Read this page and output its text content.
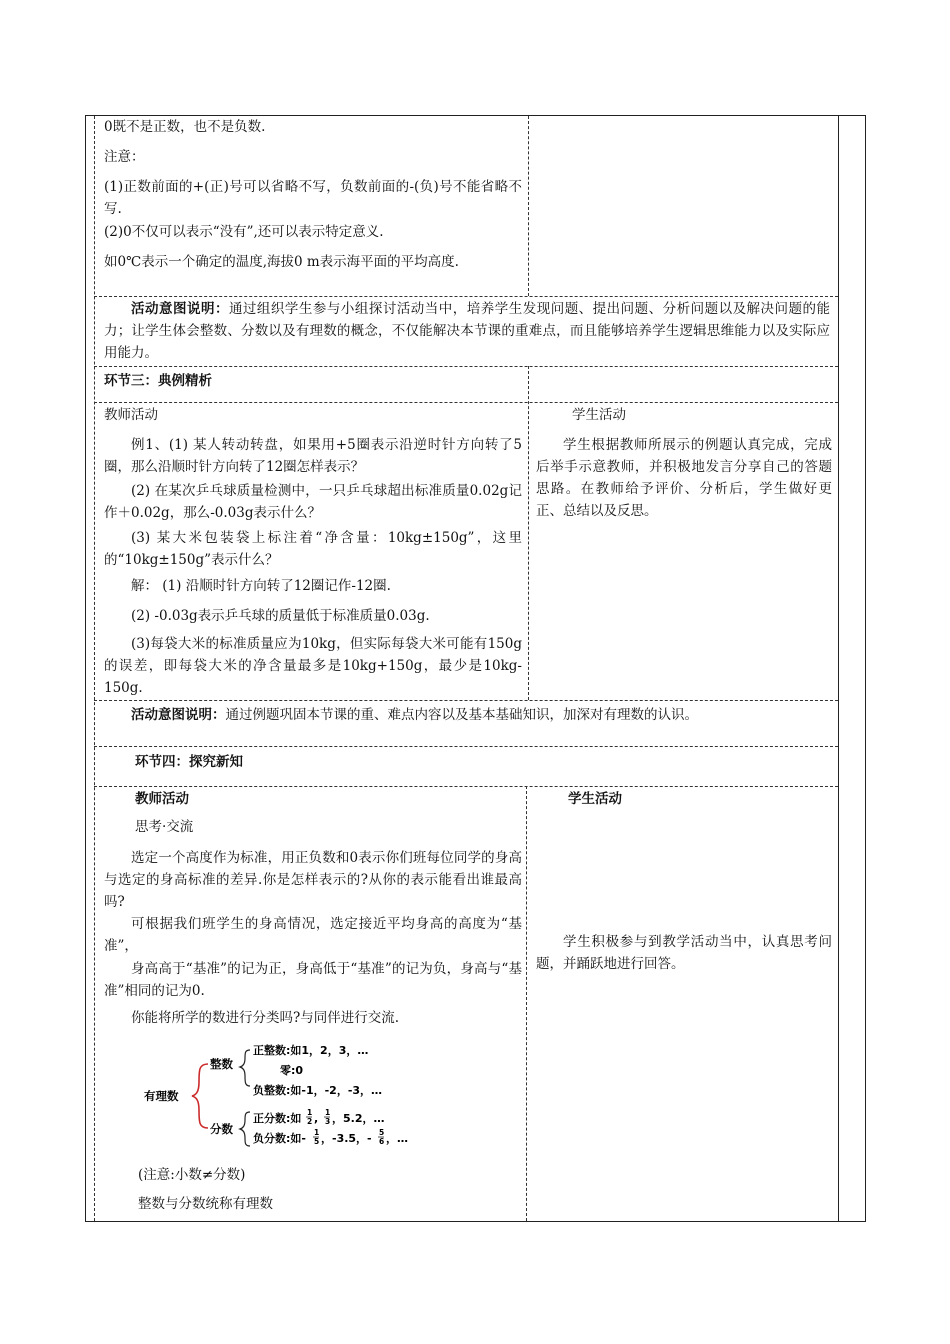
0既不是正数，也不是负数.

注意：

(1)正数前面的+(正)号可以省略不写，负数前面的-(负)号不能省略不写.

(2)0不仅可以表示“没有”,还可以表示特定意义.

如0℃表示一个确定的温度,海拔0 m表示海平面的平均高度.

活动意图说明：通过组织学生参与小组探讨活动当中，培养学生发现问题、提出问题、分析问题以及解决问题的能力；让学生体会整数、分数以及有理数的概念，不仅能解决本节课的重难点，而且能够培养学生逻辑思维能力以及实际应用能力。

环节三：典例精析

教师活动	学生活动

例1、(1) 某人转动转盘，如果用+5圈表示沿逆时针方向转了5圈，那么沿顺时针方向转了12圈怎样表示？

(2) 在某次乒乓球质量检测中，一只乒乓球超出标准质量0.02g记作＋0.02g，那么-0.03g表示什么？

(3) 某大米包装袋上标注着“净含量：10kg±150g”，这里的“10kg±150g”表示什么？

解： (1) 沿顺时针方向转了12圈记作-12圈.

(2) -0.03g表示乒乓球的质量低于标准质量0.03g.

(3)每袋大米的标准质量应为10kg，但实际每袋大米可能有150g的误差，即每袋大米的净含量最多是10kg+150g，最少是10kg-150g.

学生根据教师所展示的例题认真完成，完成后举手示意教师，并积极地发言分享自己的答题思路。在教师给予评价、分析后，学生做好更正、总结以及反思。

活动意图说明：通过例题巩固本节课的重、难点内容以及基本基础知识，加深对有理数的认识。

环节四：探究新知

教师活动	学生活动

思考·交流

选定一个高度作为标准，用正负数和0表示你们班每位同学的身高与选定的身高标准的差异.你是怎样表示的?从你的表示能看出谁最高吗?

可根据我们班学生的身高情况，选定接近平均身高的高度为“基准”，

身高高于“基准”的记为正，身高低于“基准”的记为负，身高与“基准”相同的记为0.

你能将所学的数进行分类吗?与同伴进行交流.

(注意:小数≠分数)

整数与分数统称有理数

学生积极参与到教学活动当中，认真思考问题，并踊跃地进行回答。

有理数
整数
正整数:如1，2，3，…
零:0
负整数:如-1，-2，-3，…
分数
正分数:如 1
2 , 1
3 ，5.2，…
负分数:如- 1
5 ，-3.5，- 5
6 ，…
